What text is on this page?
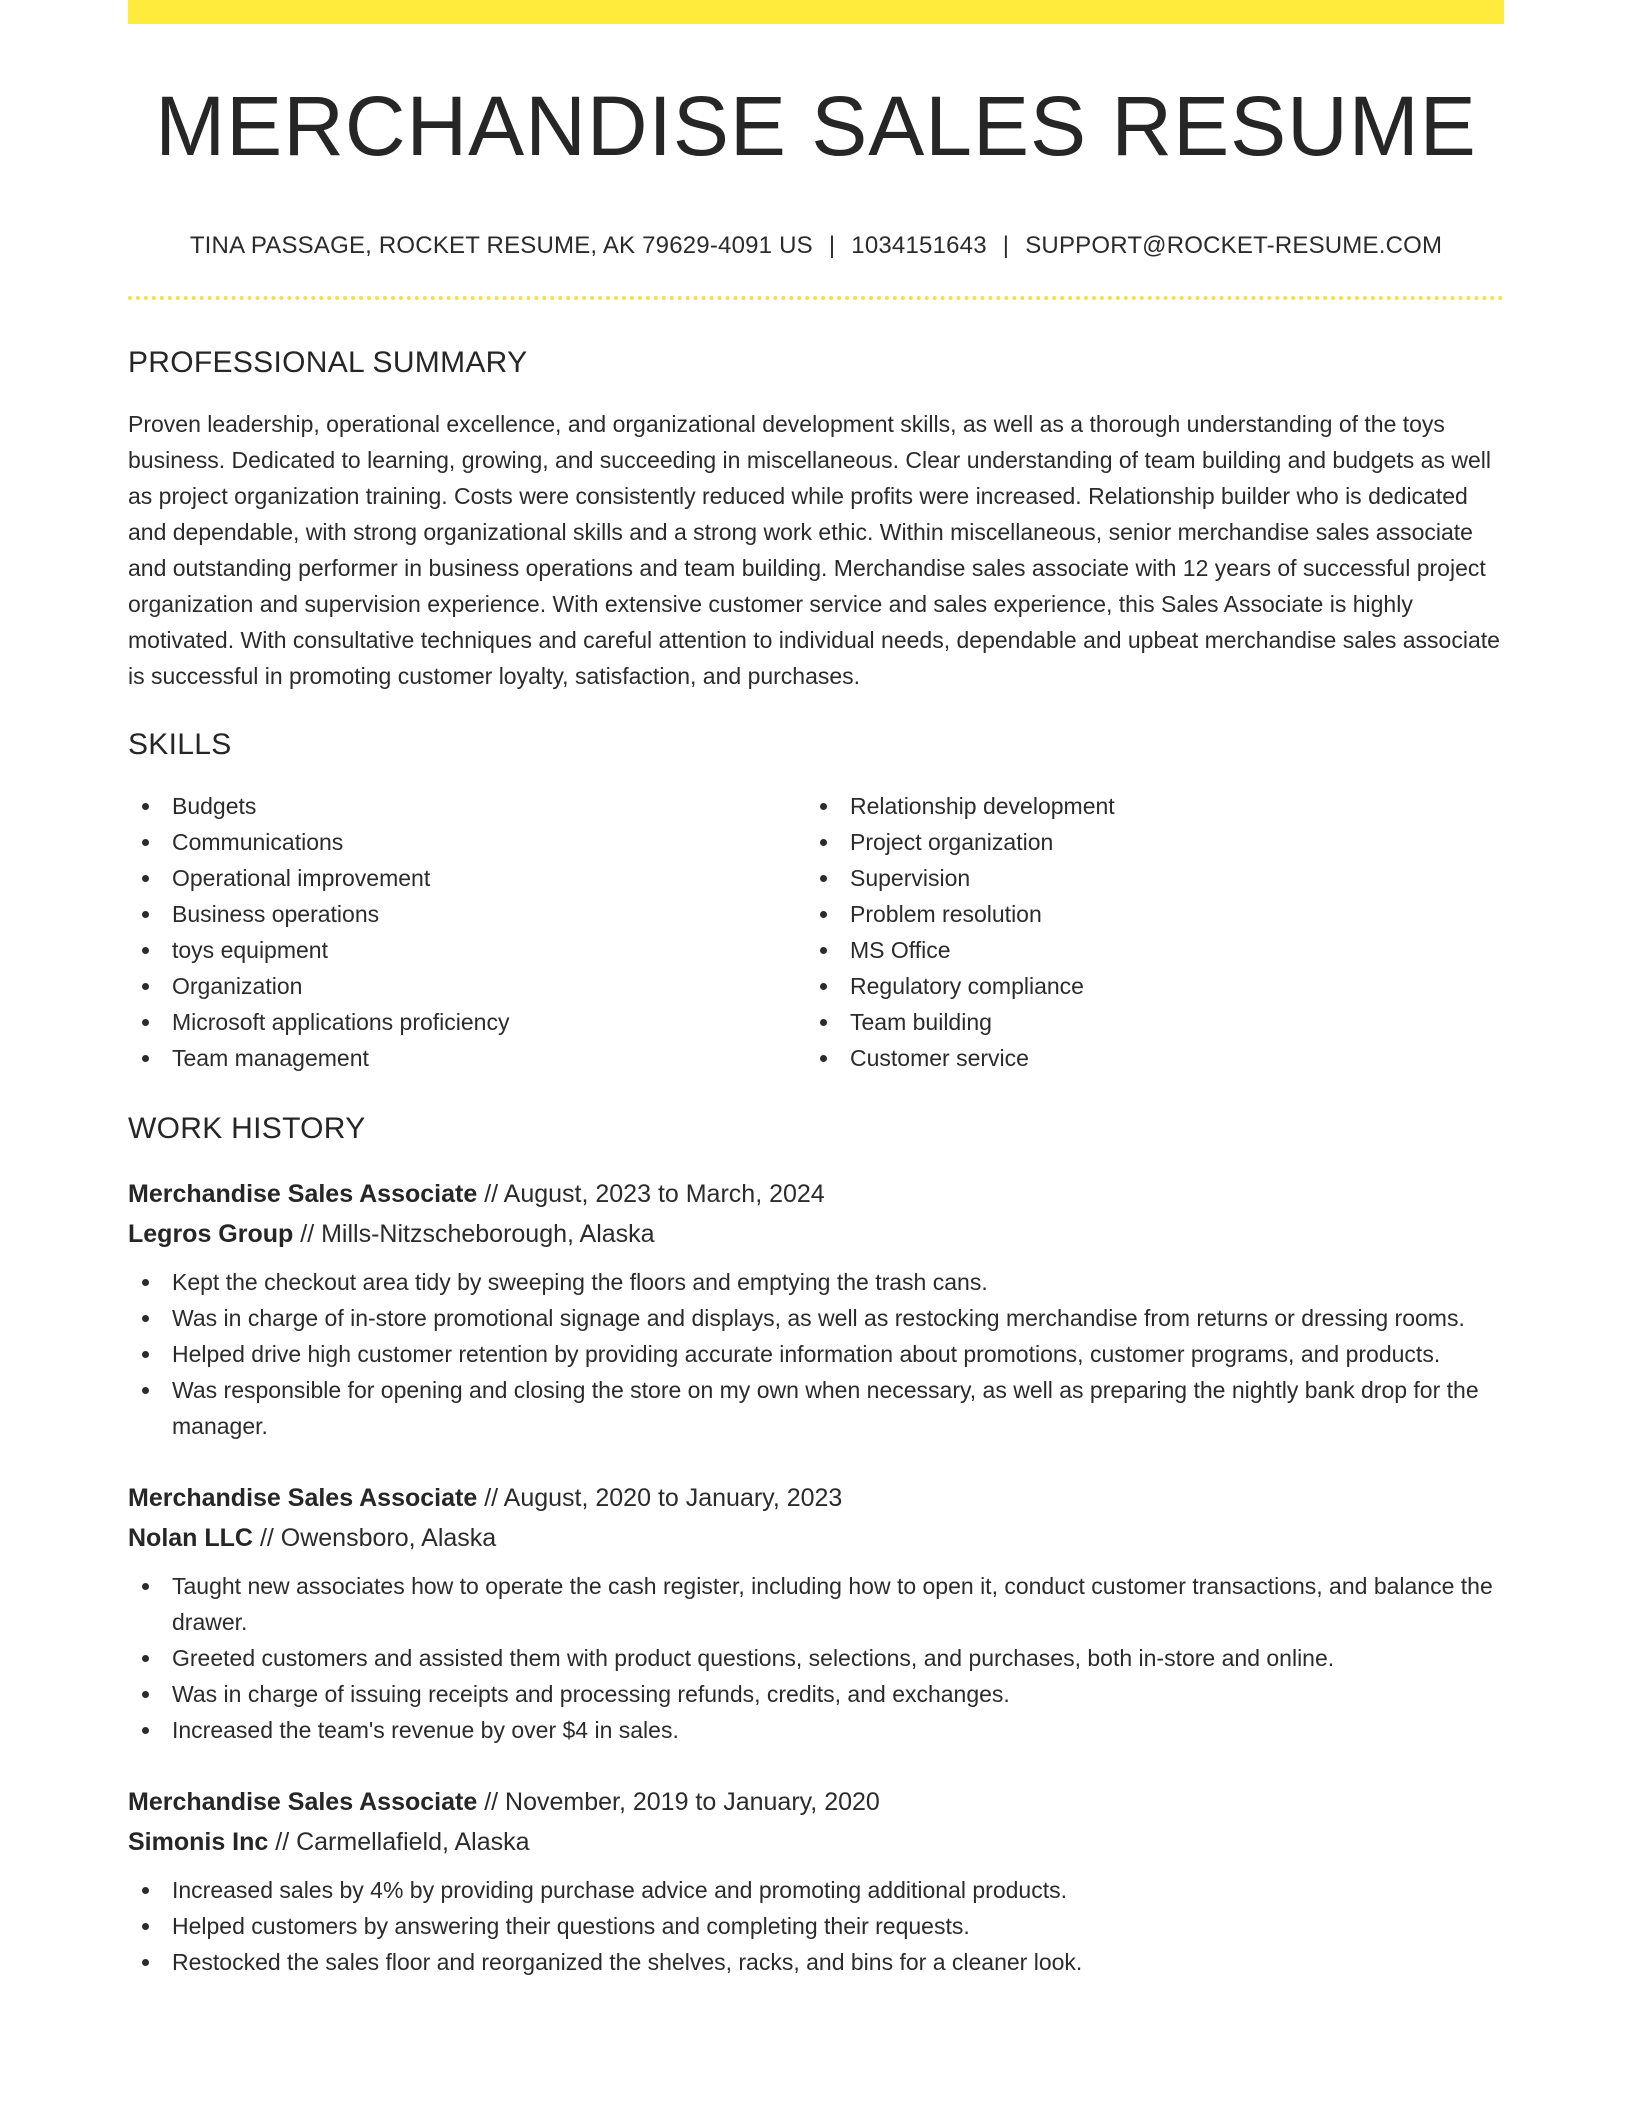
MERCHANDISE SALES RESUME
TINA PASSAGE, ROCKET RESUME, AK 79629-4091 US | 1034151643 | SUPPORT@ROCKET-RESUME.COM
PROFESSIONAL SUMMARY

Proven leadership, operational excellence, and organizational development skills, as well as a thorough understanding of the toys business. Dedicated to learning, growing, and succeeding in miscellaneous. Clear understanding of team building and budgets as well as project organization training. Costs were consistently reduced while profits were increased. Relationship builder who is dedicated and dependable, with strong organizational skills and a strong work ethic. Within miscellaneous, senior merchandise sales associate and outstanding performer in business operations and team building. Merchandise sales associate with 12 years of successful project organization and supervision experience. With extensive customer service and sales experience, this Sales Associate is highly motivated. With consultative techniques and careful attention to individual needs, dependable and upbeat merchandise sales associate is successful in promoting customer loyalty, satisfaction, and purchases.

SKILLS
Budgets
Communications
Operational improvement
Business operations
toys equipment
Organization
Microsoft applications proficiency
Team management
Relationship development
Project organization
Supervision
Problem resolution
MS Office
Regulatory compliance
Team building
Customer service
WORK HISTORY
Merchandise Sales Associate // August, 2023 to March, 2024
Legros Group // Mills-Nitzscheborough, Alaska
Kept the checkout area tidy by sweeping the floors and emptying the trash cans.
Was in charge of in-store promotional signage and displays, as well as restocking merchandise from returns or dressing rooms.
Helped drive high customer retention by providing accurate information about promotions, customer programs, and products.
Was responsible for opening and closing the store on my own when necessary, as well as preparing the nightly bank drop for the manager.
Merchandise Sales Associate // August, 2020 to January, 2023
Nolan LLC // Owensboro, Alaska
Taught new associates how to operate the cash register, including how to open it, conduct customer transactions, and balance the drawer.
Greeted customers and assisted them with product questions, selections, and purchases, both in-store and online.
Was in charge of issuing receipts and processing refunds, credits, and exchanges.
Increased the team's revenue by over $4 in sales.
Merchandise Sales Associate // November, 2019 to January, 2020
Simonis Inc // Carmellafield, Alaska
Increased sales by 4% by providing purchase advice and promoting additional products.
Helped customers by answering their questions and completing their requests.
Restocked the sales floor and reorganized the shelves, racks, and bins for a cleaner look.
